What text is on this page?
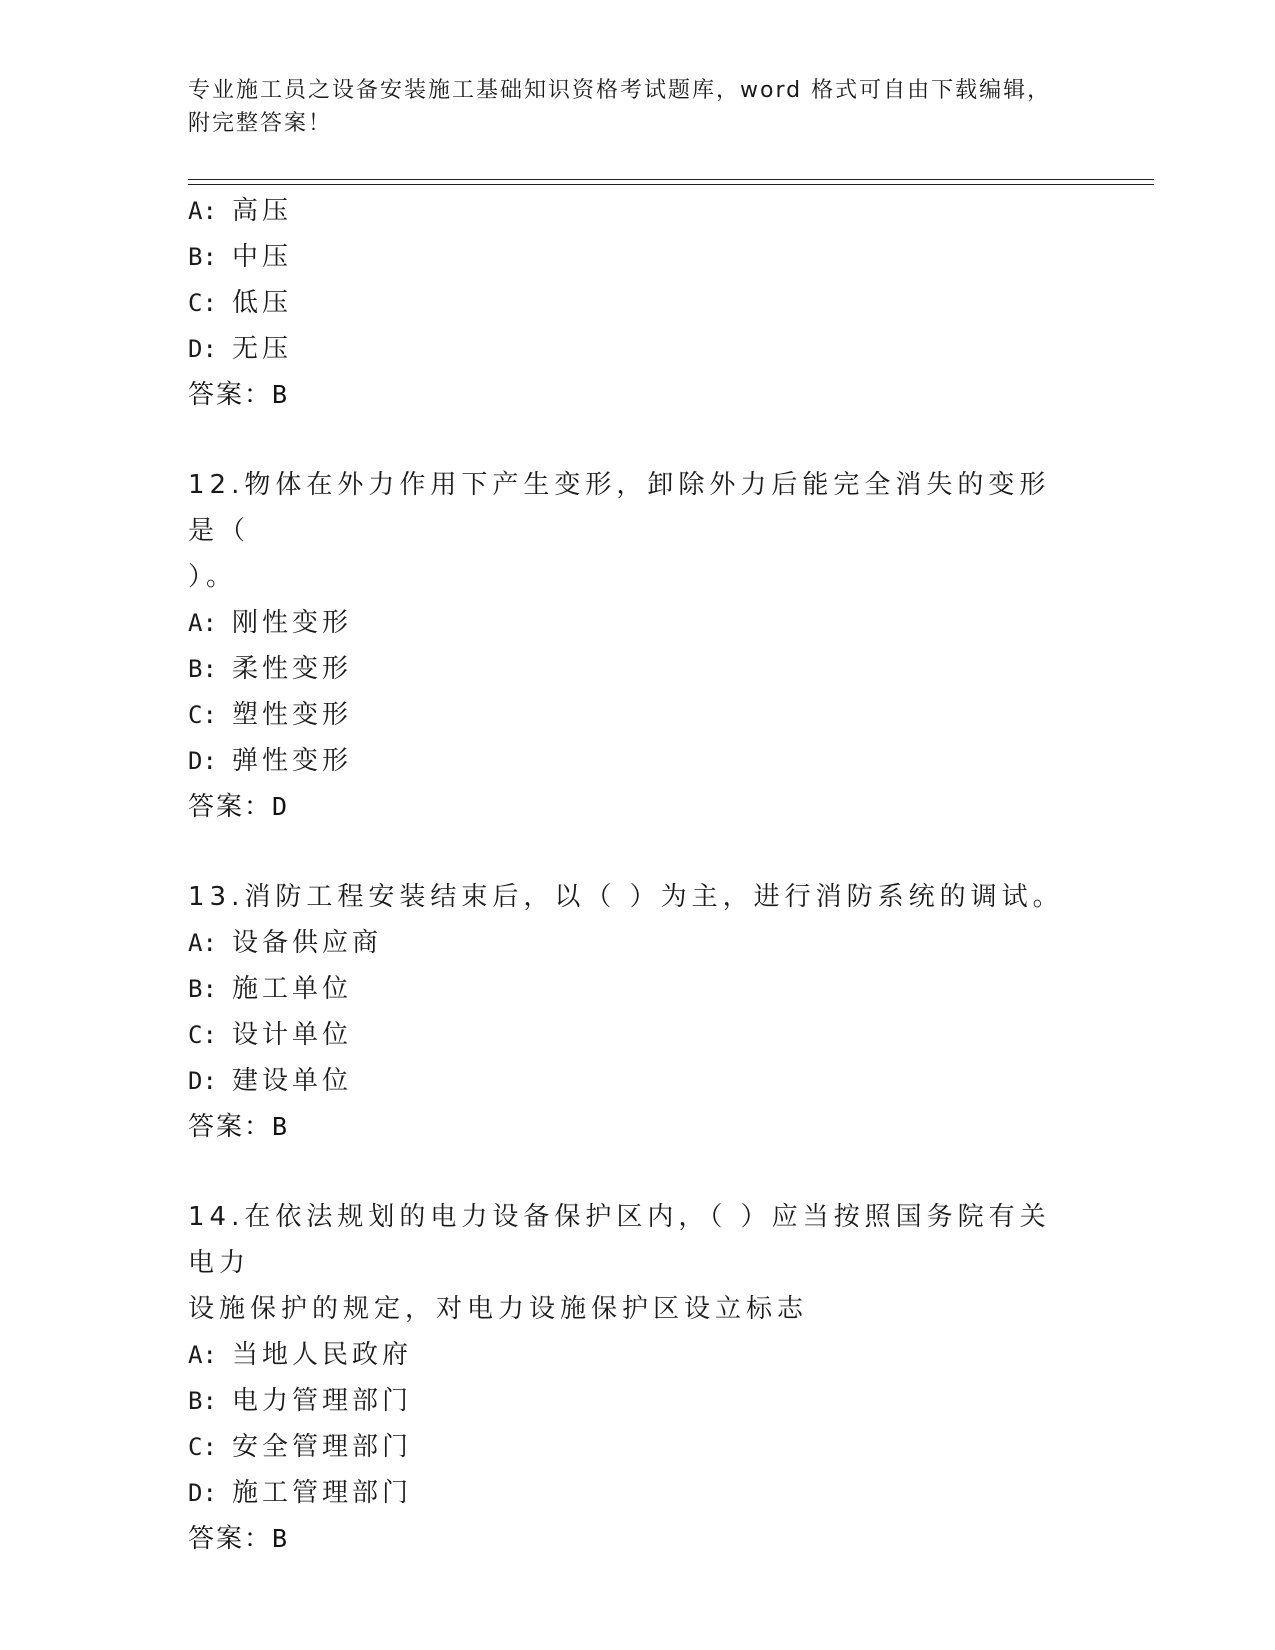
专业施工员之设备安装施工基础知识资格考试题库，word 格式可自由下载编辑，
附完整答案！
A: 高压
B: 中压
C: 低压
D: 无压
答案：B
12.物体在外力作用下产生变形，卸除外力后能完全消失的变形是（
）。
A: 刚性变形
B: 柔性变形
C: 塑性变形
D: 弹性变形
答案：D
13.消防工程安装结束后，以（ ）为主，进行消防系统的调试。
A: 设备供应商
B: 施工单位
C: 设计单位
D: 建设单位
答案：B
14.在依法规划的电力设备保护区内，（ ）应当按照国务院有关电力
设施保护的规定，对电力设施保护区设立标志
A: 当地人民政府
B: 电力管理部门
C: 安全管理部门
D: 施工管理部门
答案：B
